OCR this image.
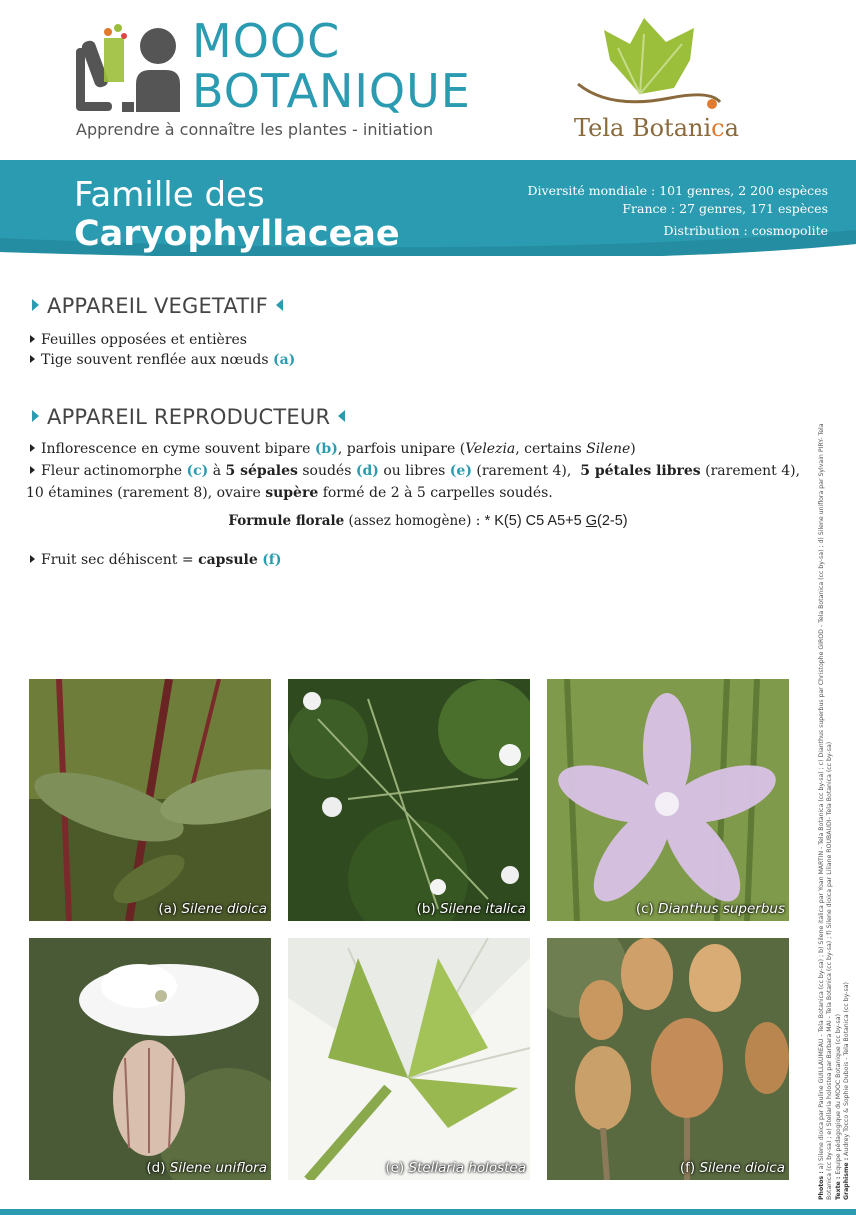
MOOC
BOTANIQUE
Apprendre à connaître les plantes - initiation	Tela Botanica
Famille des
Caryophyllaceae
Diversité mondiale : 101 genres, 2 200 espèces
France : 27 genres, 171 espèces

Distribution : cosmopolite
APPAREIL VEGETATIF
Feuilles opposées et entières
Tige souvent renflée aux nœuds (a)
APPAREIL REPRODUCTEUR
Inflorescence en cyme souvent bipare (b), parfois unipare (Velezia, certains Silene)
Fleur actinomorphe (c) à 5 sépales soudés (d) ou libres (e) (rarement 4),  5 pétales libres (rarement 4), 10 étamines (rarement 8), ovaire supère formé de 2 à 5 carpelles soudés.
Formule florale (assez homogène) : * K(5) C5 A5+5 G(2-5)
Fruit sec déhiscent = capsule (f)
(a) Silene dioica	(b) Silene italica	(c) Dianthus superbus
(d) Silene uniflora	(e) Stellaria holostea	(f) Silene dioica
Photos : a) Silene dioica par Pauline GUILLAUMEAU - Tela Botanica (cc by-sa) ; b) Silene italica par Yoan MARTIN - Tela Botanica (cc by-sa) ; c) Dianthus superbus par Christophe GIROD - Tela Botanica (cc by-sa) ; d) Silene uniflora par Sylvain PIRY- Tela Botanica (cc by-sa) ; e) Stellaria holostea par Barbara MAI - Tela Botanica (cc by-sa) ; f) Silene dioica par Liliane ROUBAUDI- Tela Botanica (cc by-sa)
Texte : Equipe pédagogique du MOOC Botanique (cc by-sa)
Graphisme : Audrey Tocco & Sophie Dubois - Tela Botanica (cc by-sa)
